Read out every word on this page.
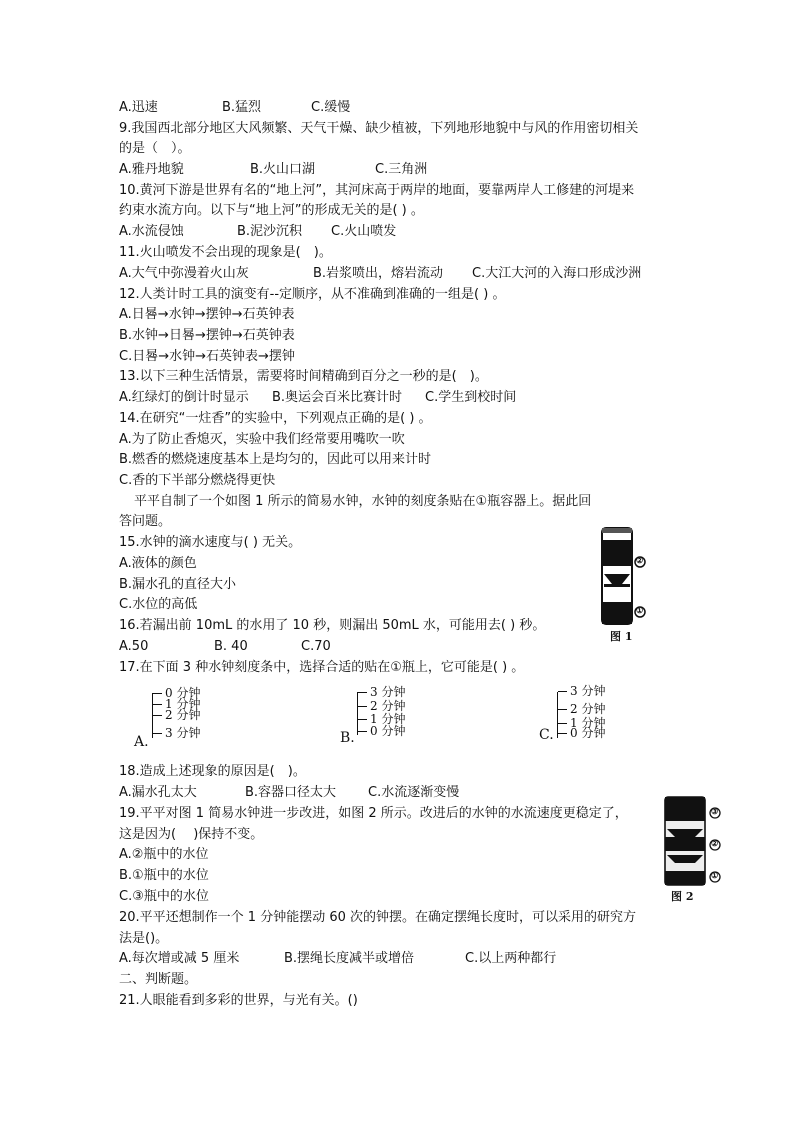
A.迅速	B.猛烈	C.缓慢
9.我国西北部分地区大风频繁、天气干燥、缺少植被，下列地形地貌中与风的作用密切相关
的是（　）。
A.雅丹地貌	B.火山口湖	C.三角洲
10.黄河下游是世界有名的“地上河”，其河床高于两岸的地面，要靠两岸人工修建的河堤来
约束水流方向。以下与“地上河”的形成无关的是( ) 。
A.水流侵蚀	B.泥沙沉积 C.火山喷发
11.火山喷发不会出现的现象是(　)。
A.大气中弥漫着火山灰	B.岩浆喷出，熔岩流动 C.大江大河的入海口形成沙洲
12.人类计时工具的演变有--定顺序，从不准确到准确的一组是( ) 。
A.日晷→水钟→摆钟→石英钟表
B.水钟→日晷→摆钟→石英钟表
C.日晷→水钟→石英钟表→摆钟
13.以下三种生活情景，需要将时间精确到百分之一秒的是(　)。
A.红绿灯的倒计时显示 B.奥运会百米比赛计时 C.学生到校时间
14.在研究“一炷香”的实验中，下列观点正确的是( ) 。
A.为了防止香熄灭，实验中我们经常要用嘴吹一吹
B.燃香的燃烧速度基本上是均匀的，因此可以用来计时
C.香的下半部分燃烧得更快
平平自制了一个如图 1 所示的简易水钟，水钟的刻度条贴在①瓶容器上。据此回
答问题。
15.水钟的滴水速度与( ) 无关。
A.液体的颜色
B.漏水孔的直径大小
C.水位的高低
16.若漏出前 10mL 的水用了 10 秒，则漏出 50mL 水，可能用去( ) 秒。
A.50	B. 40	C.70
②
①
图 1
17.在下面 3 种水钟刻度条中，选择合适的贴在①瓶上，它可能是( ) 。
A.
0 分钟
1 分钟
2 分钟
3 分钟	B.
3 分钟
2 分钟
1 分钟
0 分钟	C.
3 分钟
2 分钟
1 分钟
0 分钟
18.造成上述现象的原因是(　)。
A.漏水孔太大	B.容器口径太大 C.水流逐渐变慢
19.平平对图 1 简易水钟进一步改进，如图 2 所示。改进后的水钟的水流速度更稳定了，
这是因为(　 )保持不变。
A.②瓶中的水位
B.①瓶中的水位
C.③瓶中的水位
③
②
①
图 2
20.平平还想制作一个 1 分钟能摆动 60 次的钟摆。在确定摆绳长度时，可以采用的研究方
法是()。
A.每次增或减 5 厘米	B.摆绳长度减半或增倍	C.以上两种都行
二、判断题。
21.人眼能看到多彩的世界，与光有关。()
